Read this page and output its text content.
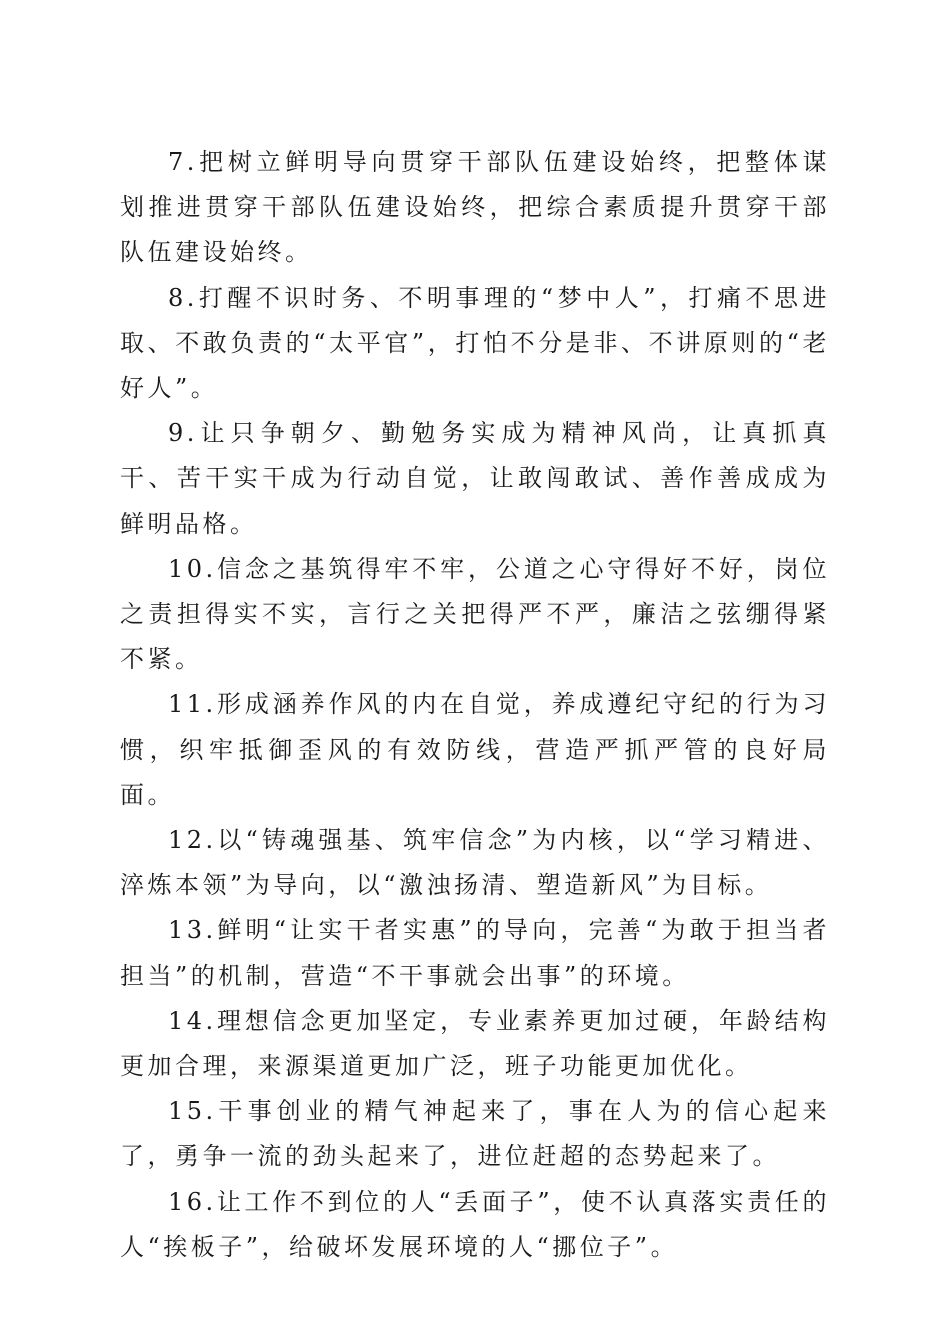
7.把树立鲜明导向贯穿干部队伍建设始终，把整体谋划推进贯穿干部队伍建设始终，把综合素质提升贯穿干部队伍建设始终。

8.打醒不识时务、不明事理的“梦中人”，打痛不思进取、不敢负责的“太平官”，打怕不分是非、不讲原则的“老好人”。

9.让只争朝夕、勤勉务实成为精神风尚，让真抓真干、苦干实干成为行动自觉，让敢闯敢试、善作善成成为鲜明品格。

10.信念之基筑得牢不牢，公道之心守得好不好，岗位之责担得实不实，言行之关把得严不严，廉洁之弦绷得紧不紧。

11.形成涵养作风的内在自觉，养成遵纪守纪的行为习惯，织牢抵御歪风的有效防线，营造严抓严管的良好局面。

12.以“铸魂强基、筑牢信念”为内核，以“学习精进、淬炼本领”为导向，以“激浊扬清、塑造新风”为目标。

13.鲜明“让实干者实惠”的导向，完善“为敢于担当者担当”的机制，营造“不干事就会出事”的环境。

14.理想信念更加坚定，专业素养更加过硬，年龄结构更加合理，来源渠道更加广泛，班子功能更加优化。

15.干事创业的精气神起来了，事在人为的信心起来了，勇争一流的劲头起来了，进位赶超的态势起来了。

16.让工作不到位的人“丢面子”，使不认真落实责任的人“挨板子”，给破坏发展环境的人“挪位子”。
